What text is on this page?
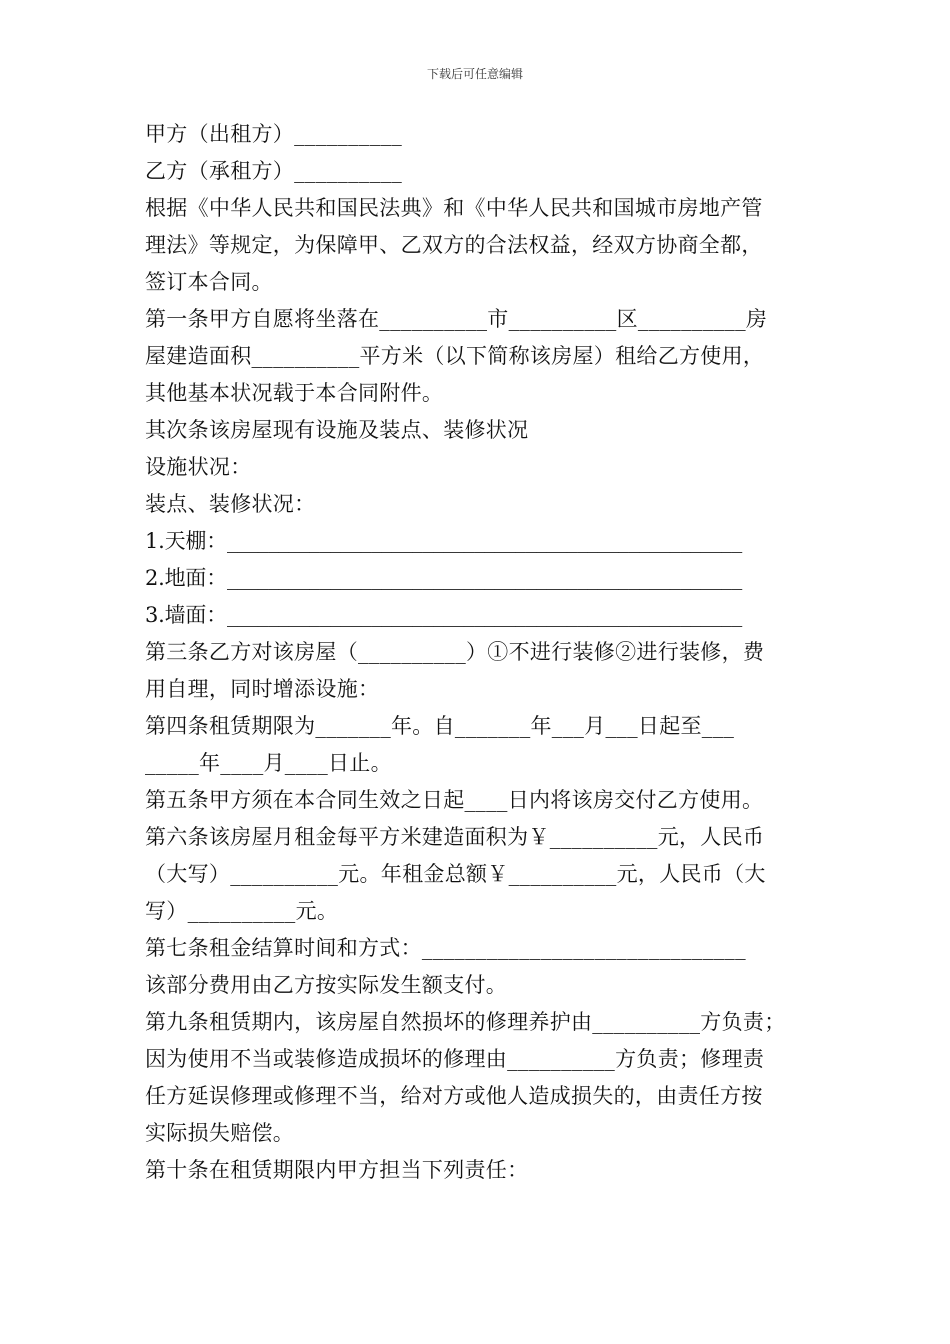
下载后可任意编辑
甲方（出租方）__________
乙方（承租方）__________
根据《中华人民共和国民法典》和《中华人民共和国城市房地产管
理法》等规定，为保障甲、乙双方的合法权益，经双方协商全都，
签订本合同。
第一条甲方自愿将坐落在__________市__________区__________房
屋建造面积__________平方米（以下简称该房屋）租给乙方使用，
其他基本状况载于本合同附件。
其次条该房屋现有设施及装点、装修状况
设施状况：
装点、装修状况：
1.天棚：__________________________________________________
2.地面：__________________________________________________
3.墙面：__________________________________________________
第三条乙方对该房屋（__________）①不进行装修②进行装修，费
用自理，同时增添设施：
第四条租赁期限为_______年。自_______年___月___日起至___
_____年____月____日止。
第五条甲方须在本合同生效之日起____日内将该房交付乙方使用。
第六条该房屋月租金每平方米建造面积为￥__________元，人民币
（大写）__________元。年租金总额￥__________元，人民币（大
写）__________元。
第七条租金结算时间和方式：______________________________
该部分费用由乙方按实际发生额支付。
第九条租赁期内，该房屋自然损坏的修理养护由__________方负责；
因为使用不当或装修造成损坏的修理由__________方负责；修理责
任方延误修理或修理不当，给对方或他人造成损失的，由责任方按
实际损失赔偿。
第十条在租赁期限内甲方担当下列责任：
